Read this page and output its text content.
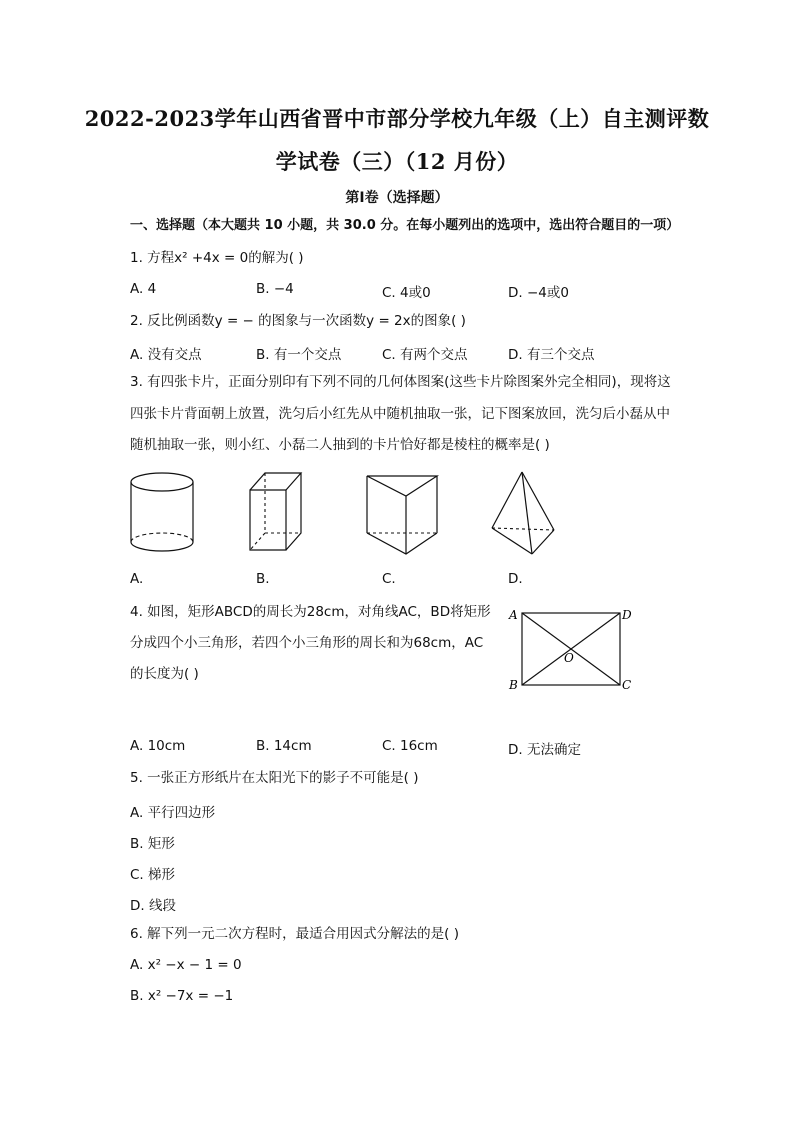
2022-2023学年山西省晋中市部分学校九年级（上）自主测评数
学试卷（三）（12 月份）
第I卷（选择题）
一、选择题（本大题共 10 小题，共 30.0 分。在每小题列出的选项中，选出符合题目的一项）
1. 方程x² +4x = 0的解为( )
A. 4	B. −4	C. 4或0	D. −4或0
2. 反比例函数y = − 的图象与一次函数y = 2x的图象( )
A. 没有交点	B. 有一个交点	C. 有两个交点	D. 有三个交点
3. 有四张卡片，正面分别印有下列不同的几何体图案(这些卡片除图案外完全相同)，现将这
四张卡片背面朝上放置，洗匀后小红先从中随机抽取一张，记下图案放回，洗匀后小磊从中
随机抽取一张，则小红、小磊二人抽到的卡片恰好都是棱柱的概率是( )
A.	B.	C.	D.
4. 如图，矩形ABCD的周长为28cm，对角线AC，BD将矩形
分成四个小三角形，若四个小三角形的周长和为68cm，AC
的长度为( )
A	D
B	C
O
A. 10cm	B. 14cm	C. 16cm	D. 无法确定
5. 一张正方形纸片在太阳光下的影子不可能是( )
A. 平行四边形
B. 矩形
C. 梯形
D. 线段
6. 解下列一元二次方程时，最适合用因式分解法的是( )
A. x² −x − 1 = 0
B. x² −7x = −1
